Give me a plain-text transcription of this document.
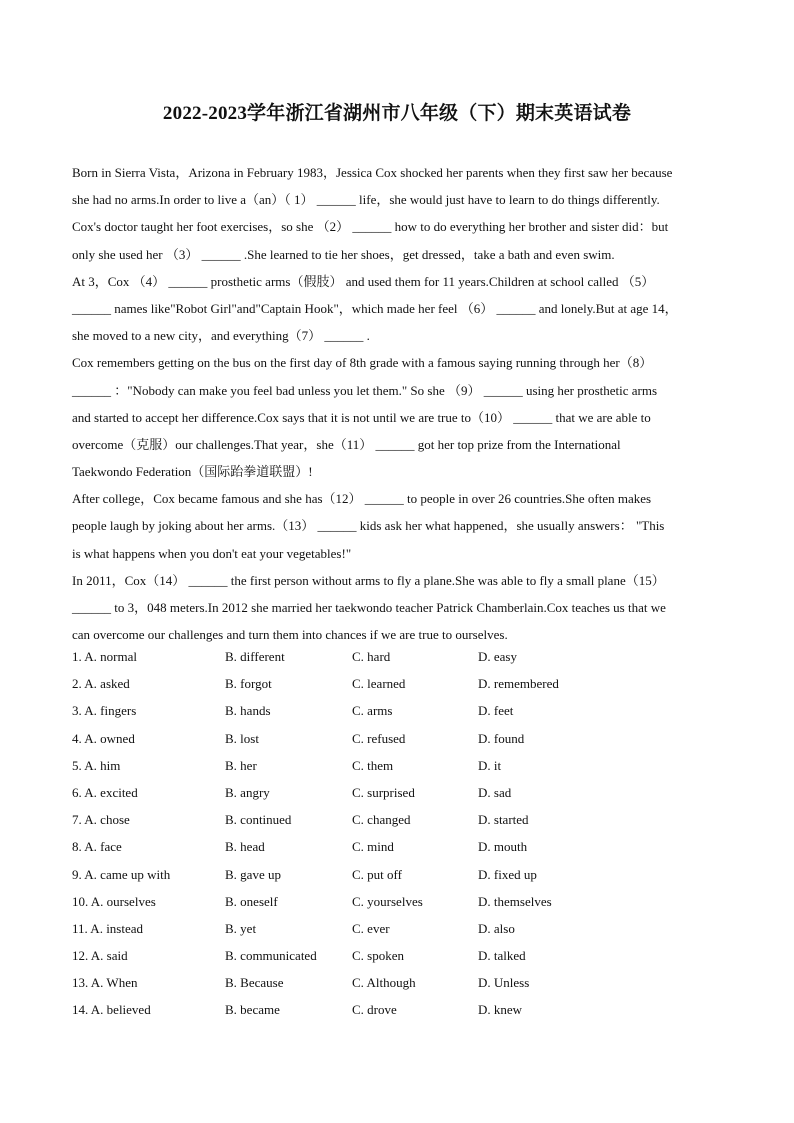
2022-2023学年浙江省湖州市八年级（下）期末英语试卷
Born in Sierra Vista，Arizona in February 1983，Jessica Cox shocked her parents when they first saw her because
she had no arms.In order to live a（an）（ 1） ______ life，she would just have to learn to do things differently.
Cox's doctor taught her foot exercises，so she （2） ______ how to do everything her brother and sister did：but
only she used her （3） ______ .She learned to tie her shoes，get dressed，take a bath and even swim.
At 3，Cox （4） ______ prosthetic arms（假肢） and used them for 11 years.Children at school called （5）
______ names like"Robot Girl"and"Captain Hook"，which made her feel （6） ______ and lonely.But at age 14，
she moved to a new city，and everything（7） ______ .
Cox remembers getting on the bus on the first day of 8th grade with a famous saying running through her（8）
______ ："Nobody can make you feel bad unless you let them." So she （9） ______ using her prosthetic arms
and started to accept her difference.Cox says that it is not until we are true to（10） ______ that we are able to
overcome（克服）our challenges.That year，she（11） ______ got her top prize from the International
Taekwondo Federation（国际跆拳道联盟）!
After college，Cox became famous and she has（12） ______ to people in over 26 countries.She often makes
people laugh by joking about her arms.（13） ______ kids ask her what happened，she usually answers： "This
is what happens when you don't eat your vegetables!"
In 2011，Cox（14） ______ the first person without arms to fly a plane.She was able to fly a small plane（15）
______ to 3，048 meters.In 2012 she married her taekwondo teacher Patrick Chamberlain.Cox teaches us that we
can overcome our challenges and turn them into chances if we are true to ourselves.
1. A. normal	B. different	C. hard	D. easy
2. A. asked	B. forgot	C. learned	D. remembered
3. A. fingers	B. hands	C. arms	D. feet
4. A. owned	B. lost	C. refused	D. found
5. A. him	B. her	C. them	D. it
6. A. excited	B. angry	C. surprised	D. sad
7. A. chose	B. continued	C. changed	D. started
8. A. face	B. head	C. mind	D. mouth
9. A. came up with	B. gave up	C. put off	D. fixed up
10. A. ourselves	B. oneself	C. yourselves	D. themselves
11. A. instead	B. yet	C. ever	D. also
12. A. said	B. communicated	C. spoken	D. talked
13. A. When	B. Because	C. Although	D. Unless
14. A. believed	B. became	C. drove	D. knew
